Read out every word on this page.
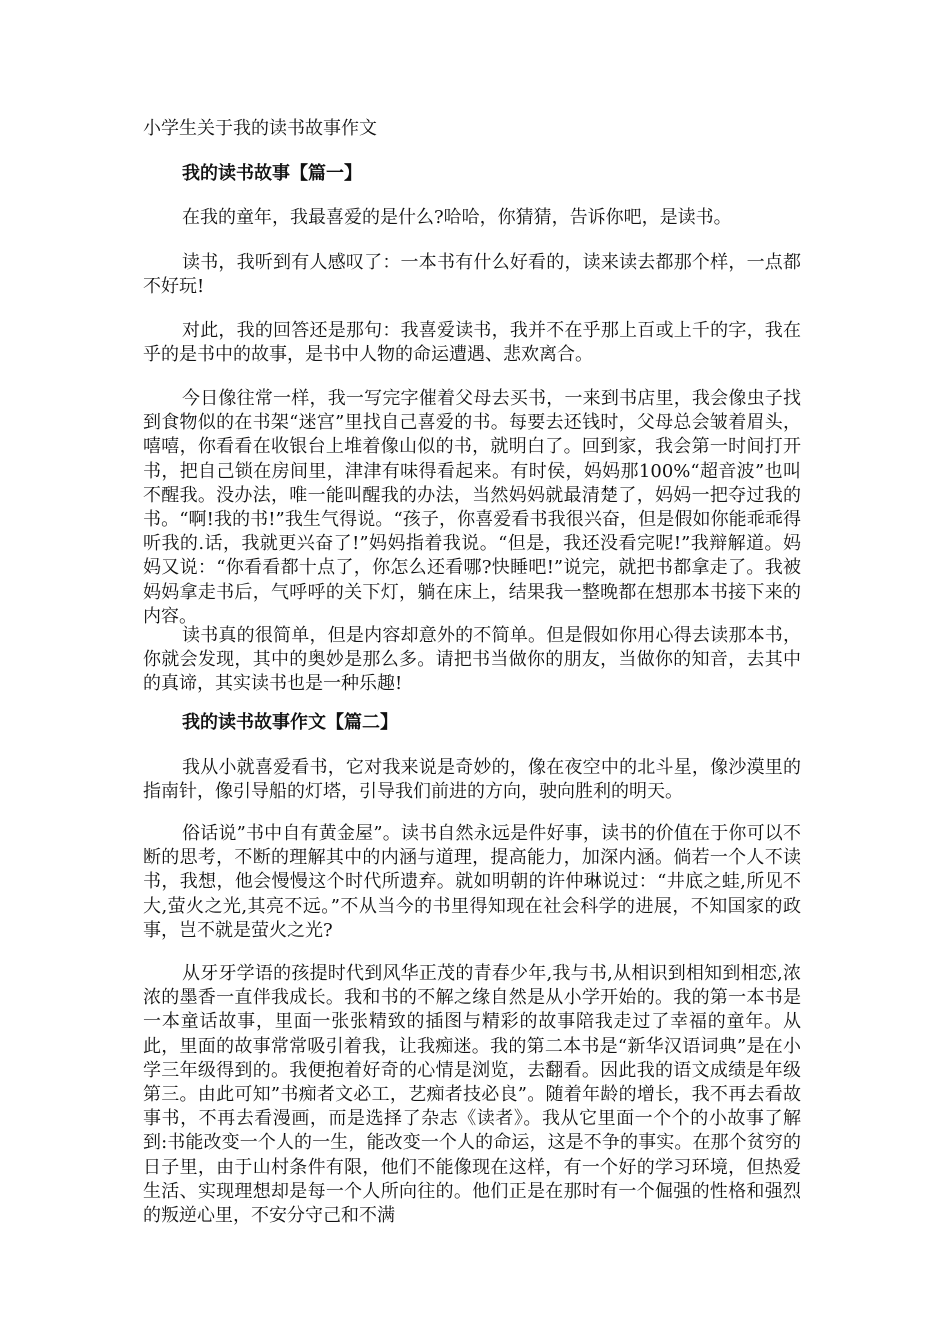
小学生关于我的读书故事作文
我的读书故事【篇一】

在我的童年，我最喜爱的是什么?哈哈，你猜猜，告诉你吧，是读书。

读书，我听到有人感叹了：一本书有什么好看的，读来读去都那个样，一点都不好玩!

对此，我的回答还是那句：我喜爱读书，我并不在乎那上百或上千的字，我在乎的是书中的故事，是书中人物的命运遭遇、悲欢离合。

今日像往常一样，我一写完字催着父母去买书，一来到书店里，我会像虫子找到食物似的在书架“迷宫”里找自己喜爱的书。每要去还钱时，父母总会皱着眉头，嘻嘻，你看看在收银台上堆着像山似的书，就明白了。回到家，我会第一时间打开书，把自己锁在房间里，津津有味得看起来。有时侯，妈妈那100%“超音波”也叫不醒我。没办法，唯一能叫醒我的办法，当然妈妈就最清楚了，妈妈一把夺过我的书。“啊!我的书!”我生气得说。“孩子，你喜爱看书我很兴奋，但是假如你能乖乖得听我的.话，我就更兴奋了!”妈妈指着我说。“但是，我还没看完呢!”我辩解道。妈妈又说：“你看看都十点了，你怎么还看哪?快睡吧!”说完，就把书都拿走了。我被妈妈拿走书后，气呼呼的关下灯，躺在床上，结果我一整晚都在想那本书接下来的内容。

读书真的很简单，但是内容却意外的不简单。但是假如你用心得去读那本书，你就会发现，其中的奥妙是那么多。请把书当做你的朋友，当做你的知音，去其中的真谛，其实读书也是一种乐趣!

我的读书故事作文【篇二】

我从小就喜爱看书，它对我来说是奇妙的，像在夜空中的北斗星，像沙漠里的指南针，像引导船的灯塔，引导我们前进的方向，驶向胜利的明天。

俗话说”书中自有黄金屋”。读书自然永远是件好事，读书的价值在于你可以不断的思考，不断的理解其中的内涵与道理，提高能力，加深内涵。倘若一个人不读书，我想，他会慢慢这个时代所遗弃。就如明朝的许仲琳说过：“井底之蛙,所见不大,萤火之光,其亮不远。”不从当今的书里得知现在社会科学的进展，不知国家的政事，岂不就是萤火之光?

从牙牙学语的孩提时代到风华正茂的青春少年,我与书,从相识到相知到相恋,浓浓的墨香一直伴我成长。我和书的不解之缘自然是从小学开始的。我的第一本书是一本童话故事，里面一张张精致的插图与精彩的故事陪我走过了幸福的童年。从此，里面的故事常常吸引着我，让我痴迷。我的第二本书是“新华汉语词典”是在小学三年级得到的。我便抱着好奇的心情是浏览，去翻看。因此我的语文成绩是年级第三。由此可知”书痴者文必工，艺痴者技必良”。随着年龄的增长，我不再去看故事书，不再去看漫画，而是选择了杂志《读者》。我从它里面一个个的小故事了解到:书能改变一个人的一生，能改变一个人的命运，这是不争的事实。在那个贫穷的日子里，由于山村条件有限，他们不能像现在这样，有一个好的学习环境，但热爱生活、实现理想却是每一个人所向往的。他们正是在那时有一个倔强的性格和强烈的叛逆心里，不安分守己和不满
